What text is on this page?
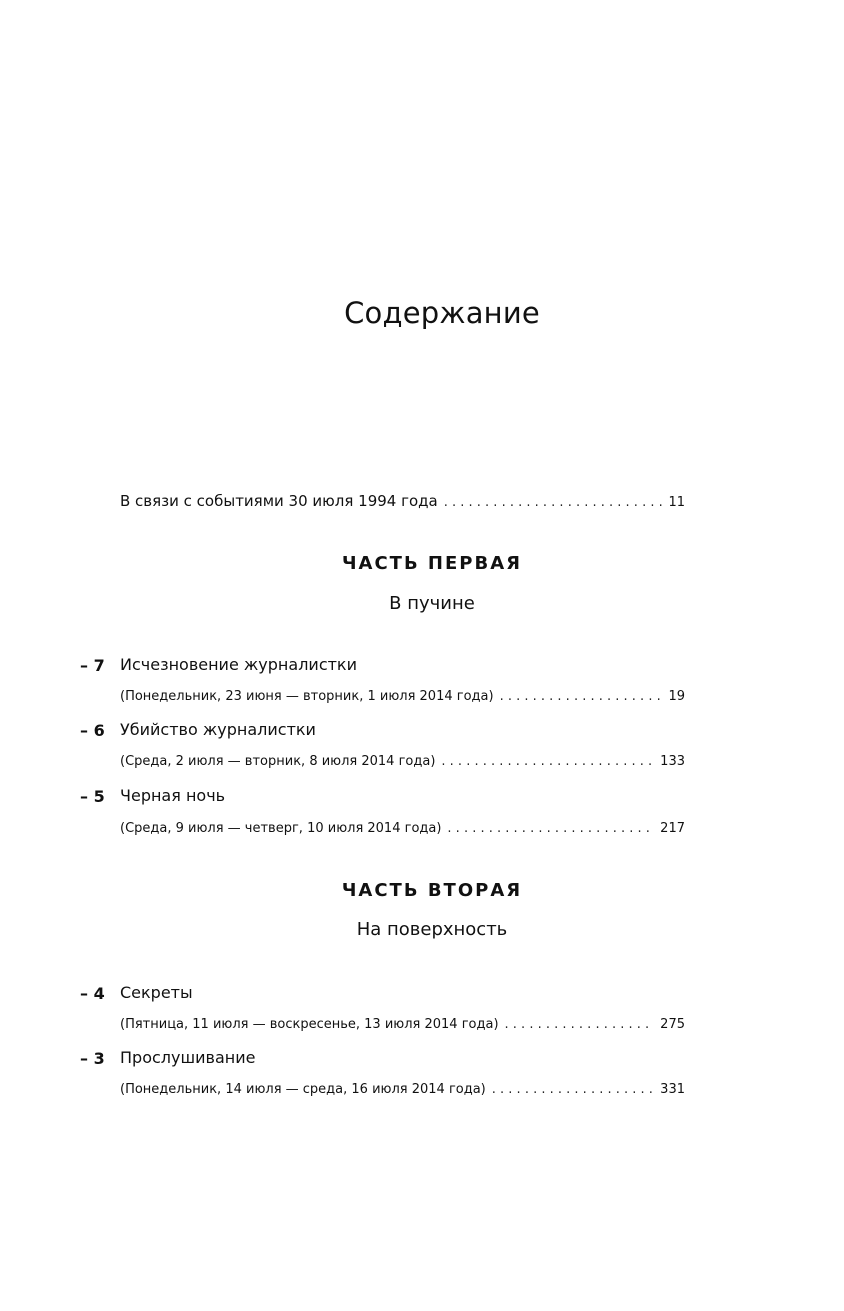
Содержание
В связи с событиями 30 июля 1994 года . . .	11
ЧАСТЬ ПЕРВАЯ
В пучине
– 7 Исчезновение журналистки
(Понедельник, 23 июня — вторник, 1 июля 2014 года) . . .	19
– 6 Убийство журналистки
(Среда, 2 июля — вторник, 8 июля 2014 года) . . .	133
– 5 Черная ночь
(Среда, 9 июля — четверг, 10 июля 2014 года) . . .	217
ЧАСТЬ ВТОРАЯ
На поверхность
– 4 Секреты
(Пятница, 11 июля — воскресенье, 13 июля 2014 года) . . .	275
– 3 Прослушивание
(Понедельник, 14 июля — среда, 16 июля 2014 года) . . .	331
